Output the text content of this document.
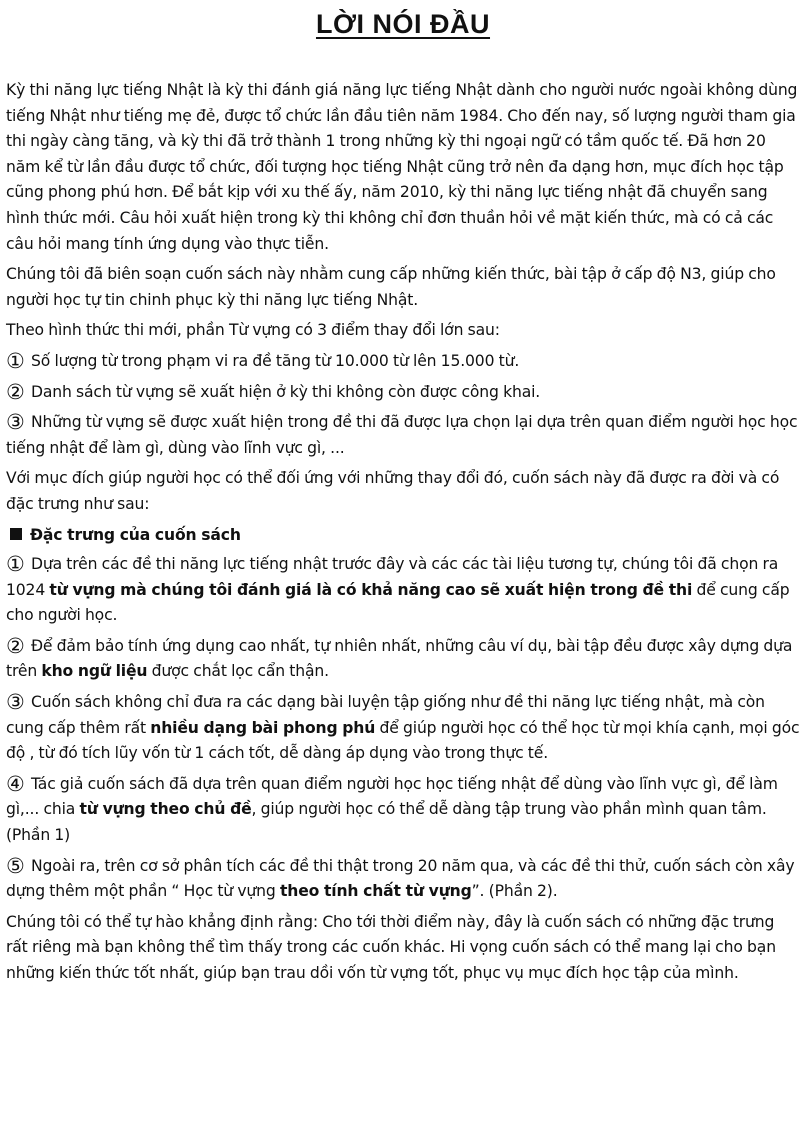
LỜI NÓI ĐẦU

Kỳ thi năng lực tiếng Nhật là kỳ thi đánh giá năng lực tiếng Nhật dành cho người nước ngoài không dùng tiếng Nhật như tiếng mẹ đẻ, được tổ chức lần đầu tiên năm 1984. Cho đến nay, số lượng người tham gia thi ngày càng tăng, và kỳ thi đã trở thành 1 trong những kỳ thi ngoại ngữ có tầm quốc tế. Đã hơn 20 năm kể từ lần đầu được tổ chức, đối tượng học tiếng Nhật cũng trở nên đa dạng hơn, mục đích học tập cũng phong phú hơn. Để bắt kịp với xu thế ấy, năm 2010, kỳ thi năng lực tiếng nhật đã chuyển sang hình thức mới. Câu hỏi xuất hiện trong kỳ thi không chỉ đơn thuần hỏi về mặt kiến thức, mà có cả các câu hỏi mang tính ứng dụng vào thực tiễn.

Chúng tôi đã biên soạn cuốn sách này nhằm cung cấp những kiến thức, bài tập ở cấp độ N3, giúp cho người học tự tin chinh phục kỳ thi năng lực tiếng Nhật.

Theo hình thức thi mới, phần Từ vựng có 3 điểm thay đổi lớn sau:

① Số lượng từ trong phạm vi ra đề tăng từ 10.000 từ lên 15.000 từ.

② Danh sách từ vựng sẽ xuất hiện ở kỳ thi không còn được công khai.

③ Những từ vựng sẽ được xuất hiện trong đề thi đã được lựa chọn lại dựa trên quan điểm người học học tiếng nhật để làm gì, dùng vào lĩnh vực gì, ...

Với mục đích giúp người học có thể đối ứng với những thay đổi đó, cuốn sách này đã được ra đời và có đặc trưng như sau:

Đặc trưng của cuốn sách

① Dựa trên các đề thi năng lực tiếng nhật trước đây và các các tài liệu tương tự, chúng tôi đã chọn ra 1024 từ vựng mà chúng tôi đánh giá là có khả năng cao sẽ xuất hiện trong đề thi để cung cấp cho người học.

② Để đảm bảo tính ứng dụng cao nhất, tự nhiên nhất, những câu ví dụ, bài tập đều được xây dựng dựa trên kho ngữ liệu được chắt lọc cẩn thận.

③ Cuốn sách không chỉ đưa ra các dạng bài luyện tập giống như đề thi năng lực tiếng nhật, mà còn cung cấp thêm rất nhiều dạng bài phong phú để giúp người học có thể học từ mọi khía cạnh, mọi góc độ , từ đó tích lũy vốn từ 1 cách tốt, dễ dàng áp dụng vào trong thực tế.

④ Tác giả cuốn sách đã dựa trên quan điểm người học học tiếng nhật để dùng vào lĩnh vực gì, để làm gì,... chia từ vựng theo chủ đề, giúp người học có thể dễ dàng tập trung vào phần mình quan tâm. (Phần 1)

⑤ Ngoài ra, trên cơ sở phân tích các đề thi thật trong 20 năm qua, và các đề thi thử, cuốn sách còn xây dựng thêm một phần “ Học từ vựng theo tính chất từ vựng”. (Phần 2).

Chúng tôi có thể tự hào khẳng định rằng: Cho tới thời điểm này, đây là cuốn sách có những đặc trưng rất riêng mà bạn không thể tìm thấy trong các cuốn khác. Hi vọng cuốn sách có thể mang lại cho bạn những kiến thức tốt nhất, giúp bạn trau dồi vốn từ vựng tốt, phục vụ mục đích học tập của mình.
